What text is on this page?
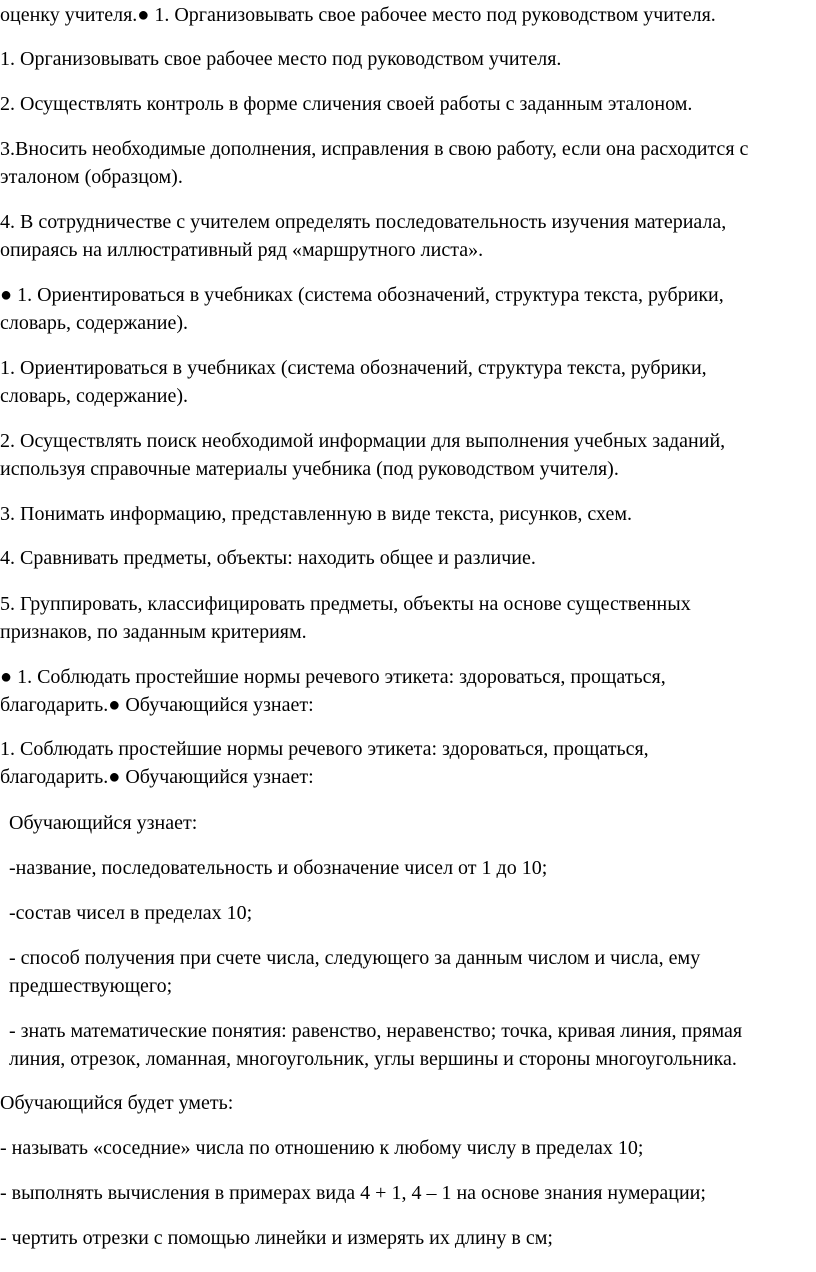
оценку учителя.● 1. Организовывать свое рабочее место под руководством учителя.

1. Организовывать свое рабочее место под руководством учителя.

2. Осуществлять контроль в форме сличения своей работы с заданным эталоном.

3.Вносить необходимые дополнения, исправления в свою работу, если она расходится с
эталоном (образцом).

4. В сотрудничестве с учителем определять последовательность изучения материала,
опираясь на иллюстративный ряд «маршрутного листа».

● 1. Ориентироваться в учебниках (система обозначений, структура текста, рубрики,
словарь, содержание).

1. Ориентироваться в учебниках (система обозначений, структура текста, рубрики,
словарь, содержание).

2. Осуществлять поиск необходимой информации для выполнения учебных заданий,
используя справочные материалы учебника (под руководством учителя).

3. Понимать информацию, представленную в виде текста, рисунков, схем.

4. Сравнивать предметы, объекты: находить общее и различие.

5. Группировать, классифицировать предметы, объекты на основе существенных
признаков, по заданным критериям.

● 1. Соблюдать простейшие нормы речевого этикета: здороваться, прощаться,
благодарить.● Обучающийся узнает:

1. Соблюдать простейшие нормы речевого этикета: здороваться, прощаться,
благодарить.● Обучающийся узнает:

Обучающийся узнает:

-название, последовательность и обозначение чисел от 1 до 10;

-состав чисел в пределах 10;

- способ получения при счете числа, следующего за данным числом и числа, ему
предшествующего;

- знать математические понятия: равенство, неравенство; точка, кривая линия, прямая
линия, отрезок, ломанная, многоугольник, углы вершины и стороны многоугольника.

Обучающийся будет уметь:

- называть «соседние» числа по отношению к любому числу в пределах 10;

- выполнять вычисления в примерах вида 4 + 1, 4 – 1 на основе знания нумерации;

- чертить отрезки с помощью линейки и измерять их длину в см;
